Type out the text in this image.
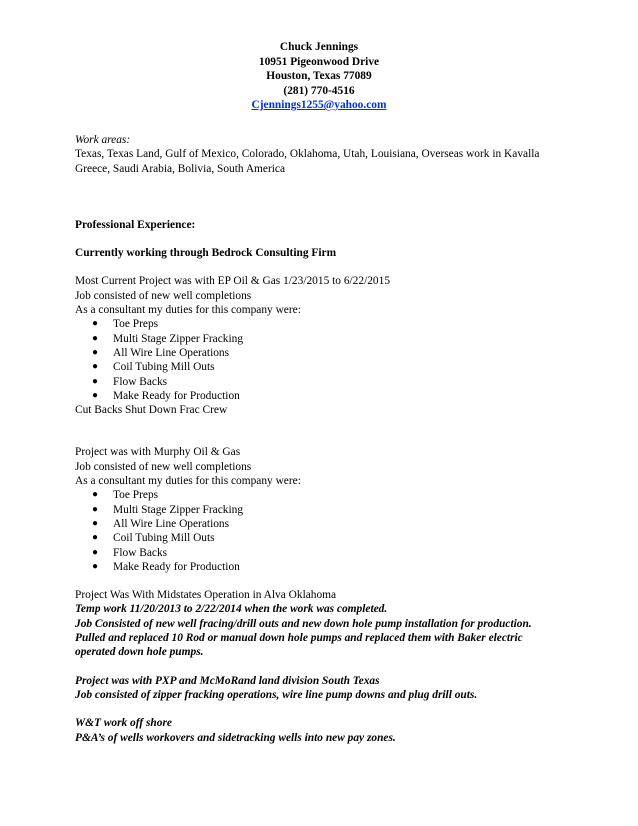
Chuck Jennings
10951 Pigeonwood Drive
Houston, Texas 77089
(281) 770-4516
Cjennings1255@yahoo.com
Work areas:
Texas, Texas Land, Gulf of Mexico, Colorado, Oklahoma, Utah, Louisiana, Overseas work in Kavalla Greece, Saudi Arabia, Bolivia, South America
Professional Experience:
Currently working through Bedrock Consulting Firm
Most Current Project was with EP Oil & Gas 1/23/2015 to 6/22/2015
Job consisted of new well completions
As a consultant my duties for this company were:
● Toe Preps
● Multi Stage Zipper Fracking
● All Wire Line Operations
● Coil Tubing Mill Outs
● Flow Backs
● Make Ready for Production
Cut Backs Shut Down Frac Crew
Project was with Murphy Oil & Gas
Job consisted of new well completions
As a consultant my duties for this company were:
● Toe Preps
● Multi Stage Zipper Fracking
● All Wire Line Operations
● Coil Tubing Mill Outs
● Flow Backs
● Make Ready for Production
Project Was With Midstates Operation in Alva Oklahoma
Temp work 11/20/2013 to 2/22/2014 when the work was completed.
Job Consisted of new well fracing/drill outs and new down hole pump installation for production.
Pulled and replaced 10 Rod or manual down hole pumps and replaced them with Baker electric operated down hole pumps.
Project was with PXP and McMoRand land division South Texas
Job consisted of zipper fracking operations, wire line pump downs and plug drill outs.
W&T work off shore
P&A’s of wells workovers and sidetracking wells into new pay zones.
